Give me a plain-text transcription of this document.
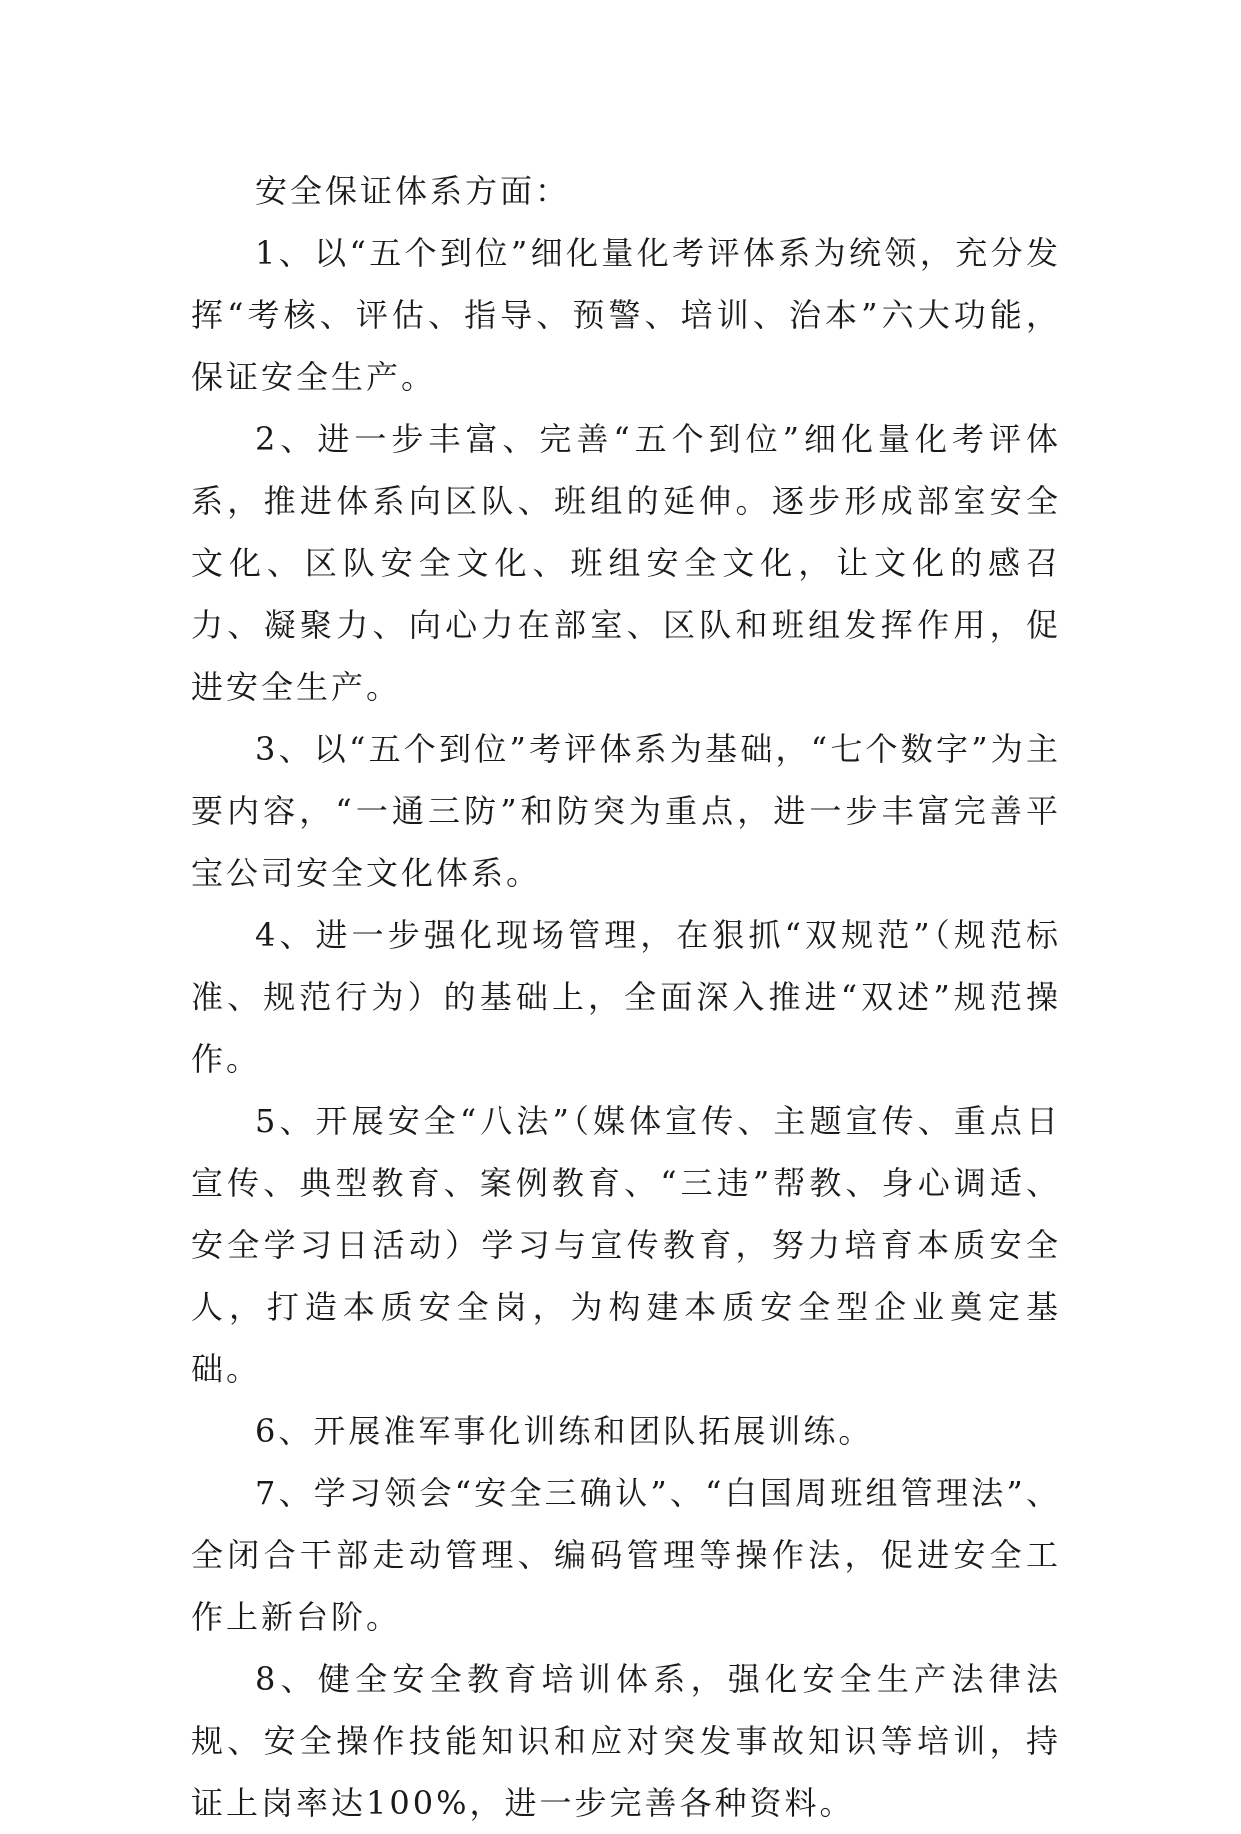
安全保证体系方面：

1、以“五个到位”细化量化考评体系为统领，充分发挥“考核、评估、指导、预警、培训、治本”六大功能，保证安全生产。

2、进一步丰富、完善“五个到位”细化量化考评体系，推进体系向区队、班组的延伸。逐步形成部室安全文化、区队安全文化、班组安全文化，让文化的感召力、凝聚力、向心力在部室、区队和班组发挥作用，促进安全生产。

3、以“五个到位”考评体系为基础，“七个数字”为主要内容，“一通三防”和防突为重点，进一步丰富完善平宝公司安全文化体系。

4、进一步强化现场管理，在狠抓“双规范”（规范标准、规范行为）的基础上，全面深入推进“双述”规范操作。

5、开展安全“八法”（媒体宣传、主题宣传、重点日宣传、典型教育、案例教育、“三违”帮教、身心调适、安全学习日活动）学习与宣传教育，努力培育本质安全人，打造本质安全岗，为构建本质安全型企业奠定基础。

6、开展准军事化训练和团队拓展训练。

7、学习领会“安全三确认”、“白国周班组管理法”、全闭合干部走动管理、编码管理等操作法，促进安全工作上新台阶。

8、健全安全教育培训体系，强化安全生产法律法规、安全操作技能知识和应对突发事故知识等培训，持证上岗率达100%，进一步完善各种资料。
